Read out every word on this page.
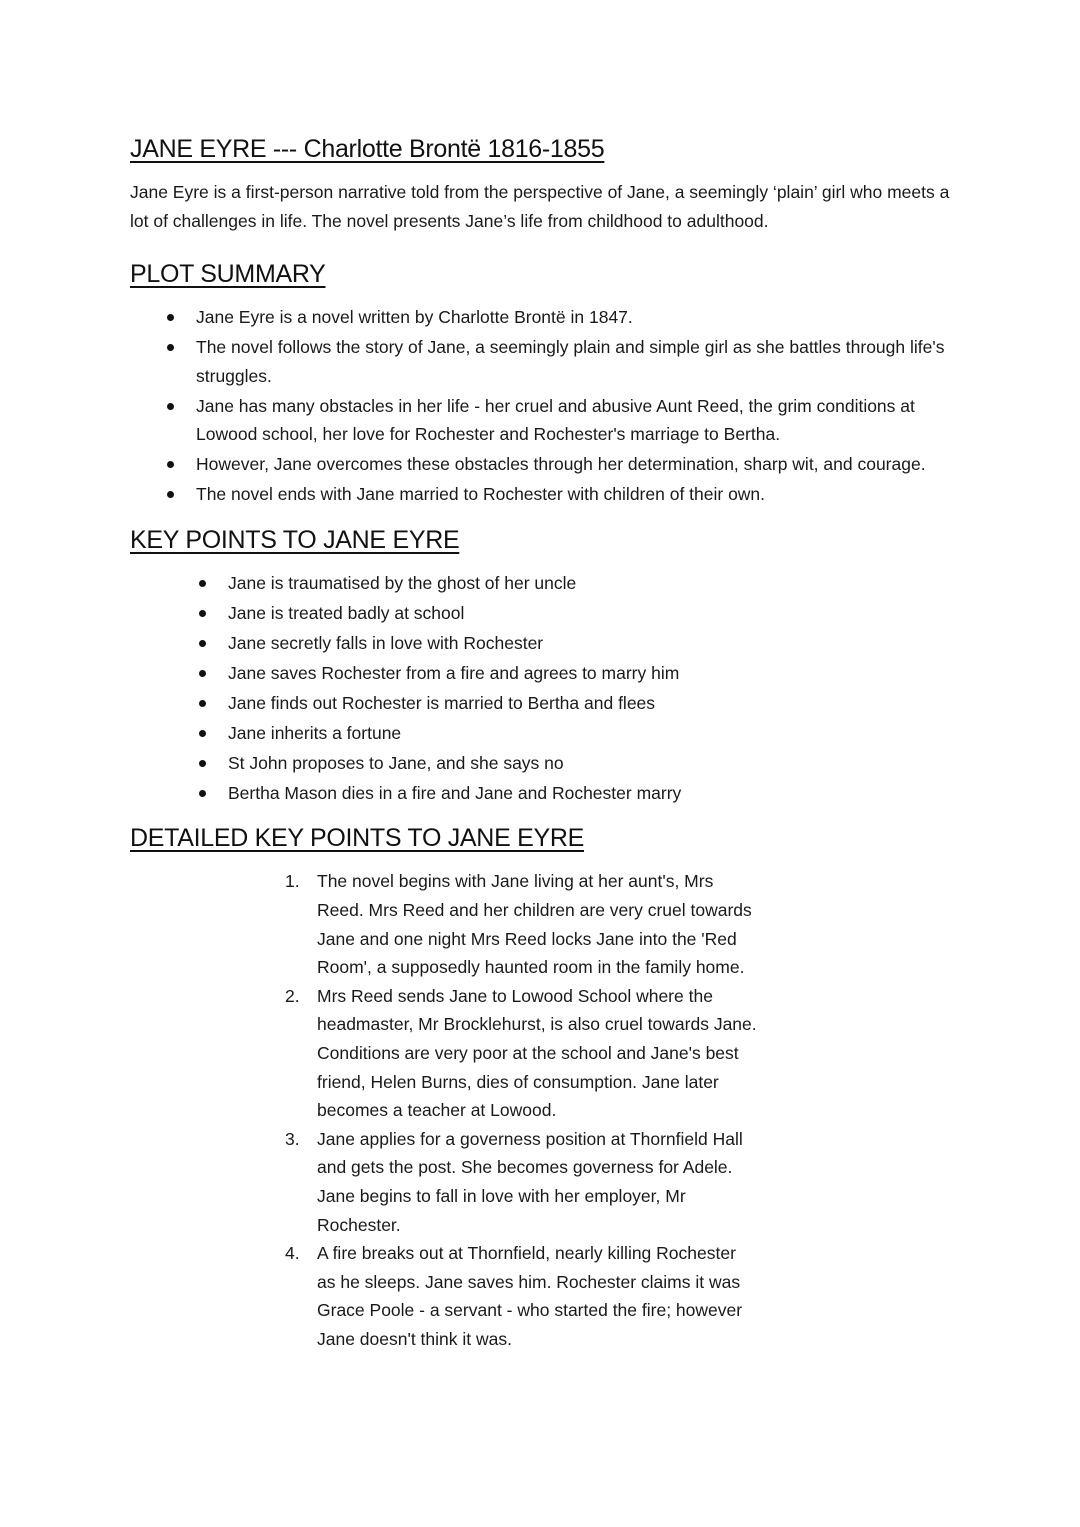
JANE EYRE --- Charlotte Brontë 1816-1855

Jane Eyre is a first-person narrative told from the perspective of Jane, a seemingly ‘plain’ girl who meets a lot of challenges in life. The novel presents Jane’s life from childhood to adulthood.

PLOT SUMMARY
Jane Eyre is a novel written by Charlotte Brontë in 1847.
The novel follows the story of Jane, a seemingly plain and simple girl as she battles through life's struggles.
Jane has many obstacles in her life - her cruel and abusive Aunt Reed, the grim conditions at Lowood school, her love for Rochester and Rochester's marriage to Bertha.
However, Jane overcomes these obstacles through her determination, sharp wit, and courage.
The novel ends with Jane married to Rochester with children of their own.
KEY POINTS TO JANE EYRE
Jane is traumatised by the ghost of her uncle
Jane is treated badly at school
Jane secretly falls in love with Rochester
Jane saves Rochester from a fire and agrees to marry him
Jane finds out Rochester is married to Bertha and flees
Jane inherits a fortune
St John proposes to Jane, and she says no
Bertha Mason dies in a fire and Jane and Rochester marry
DETAILED KEY POINTS TO JANE EYRE
1. The novel begins with Jane living at her aunt's, Mrs Reed. Mrs Reed and her children are very cruel towards Jane and one night Mrs Reed locks Jane into the 'Red Room', a supposedly haunted room in the family home.
2. Mrs Reed sends Jane to Lowood School where the headmaster, Mr Brocklehurst, is also cruel towards Jane. Conditions are very poor at the school and Jane's best friend, Helen Burns, dies of consumption. Jane later becomes a teacher at Lowood.
3. Jane applies for a governess position at Thornfield Hall and gets the post. She becomes governess for Adele. Jane begins to fall in love with her employer, Mr Rochester.
4. A fire breaks out at Thornfield, nearly killing Rochester as he sleeps. Jane saves him. Rochester claims it was Grace Poole - a servant - who started the fire; however Jane doesn't think it was.
